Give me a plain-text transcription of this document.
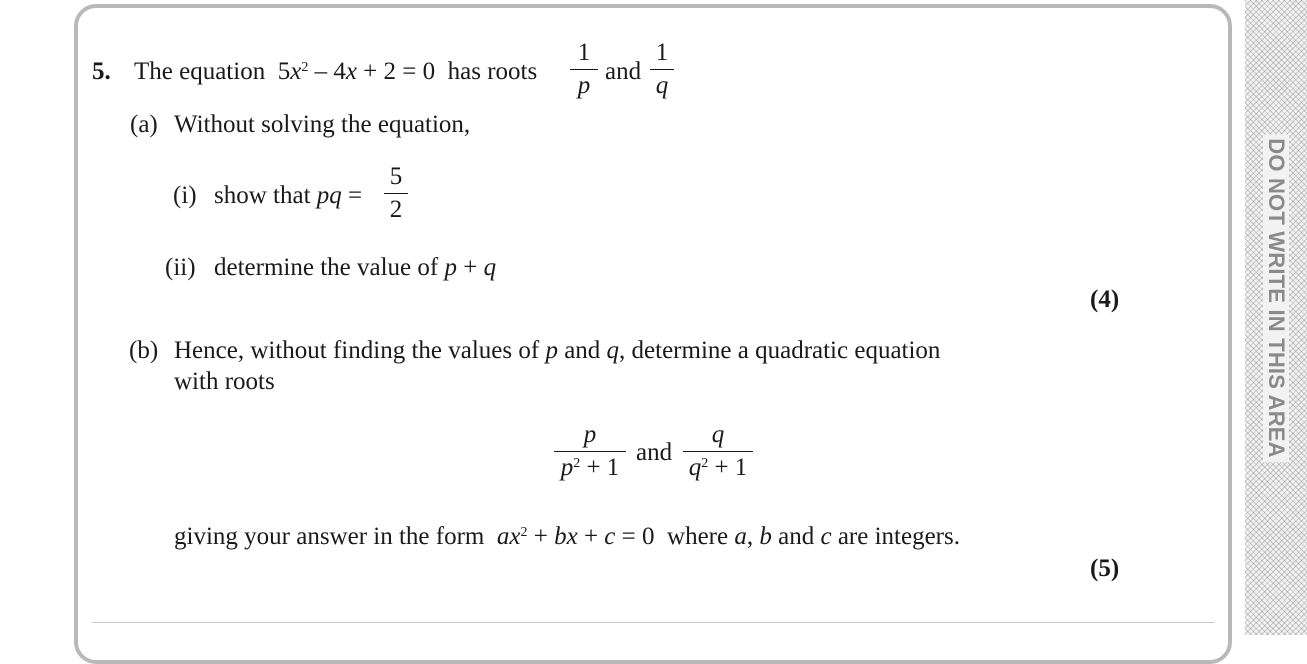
DO NOT WRITE IN THIS AREA
5. The equation $5x^2 - 4x + 2 = 0$ has roots
1
p
and
1
q
(a) Without solving the equation,
(i) show that pq =
5
2
(ii) determine the value of p + q
(4)
(b) Hence, without finding the values of p and q, determine a quadratic equation
with roots
p
$p^2 + 1$
and
q
$q^2 + 1$
giving your answer in the form $ax^2$ + bx + c = 0 where a, b and c are integers.
(5)
